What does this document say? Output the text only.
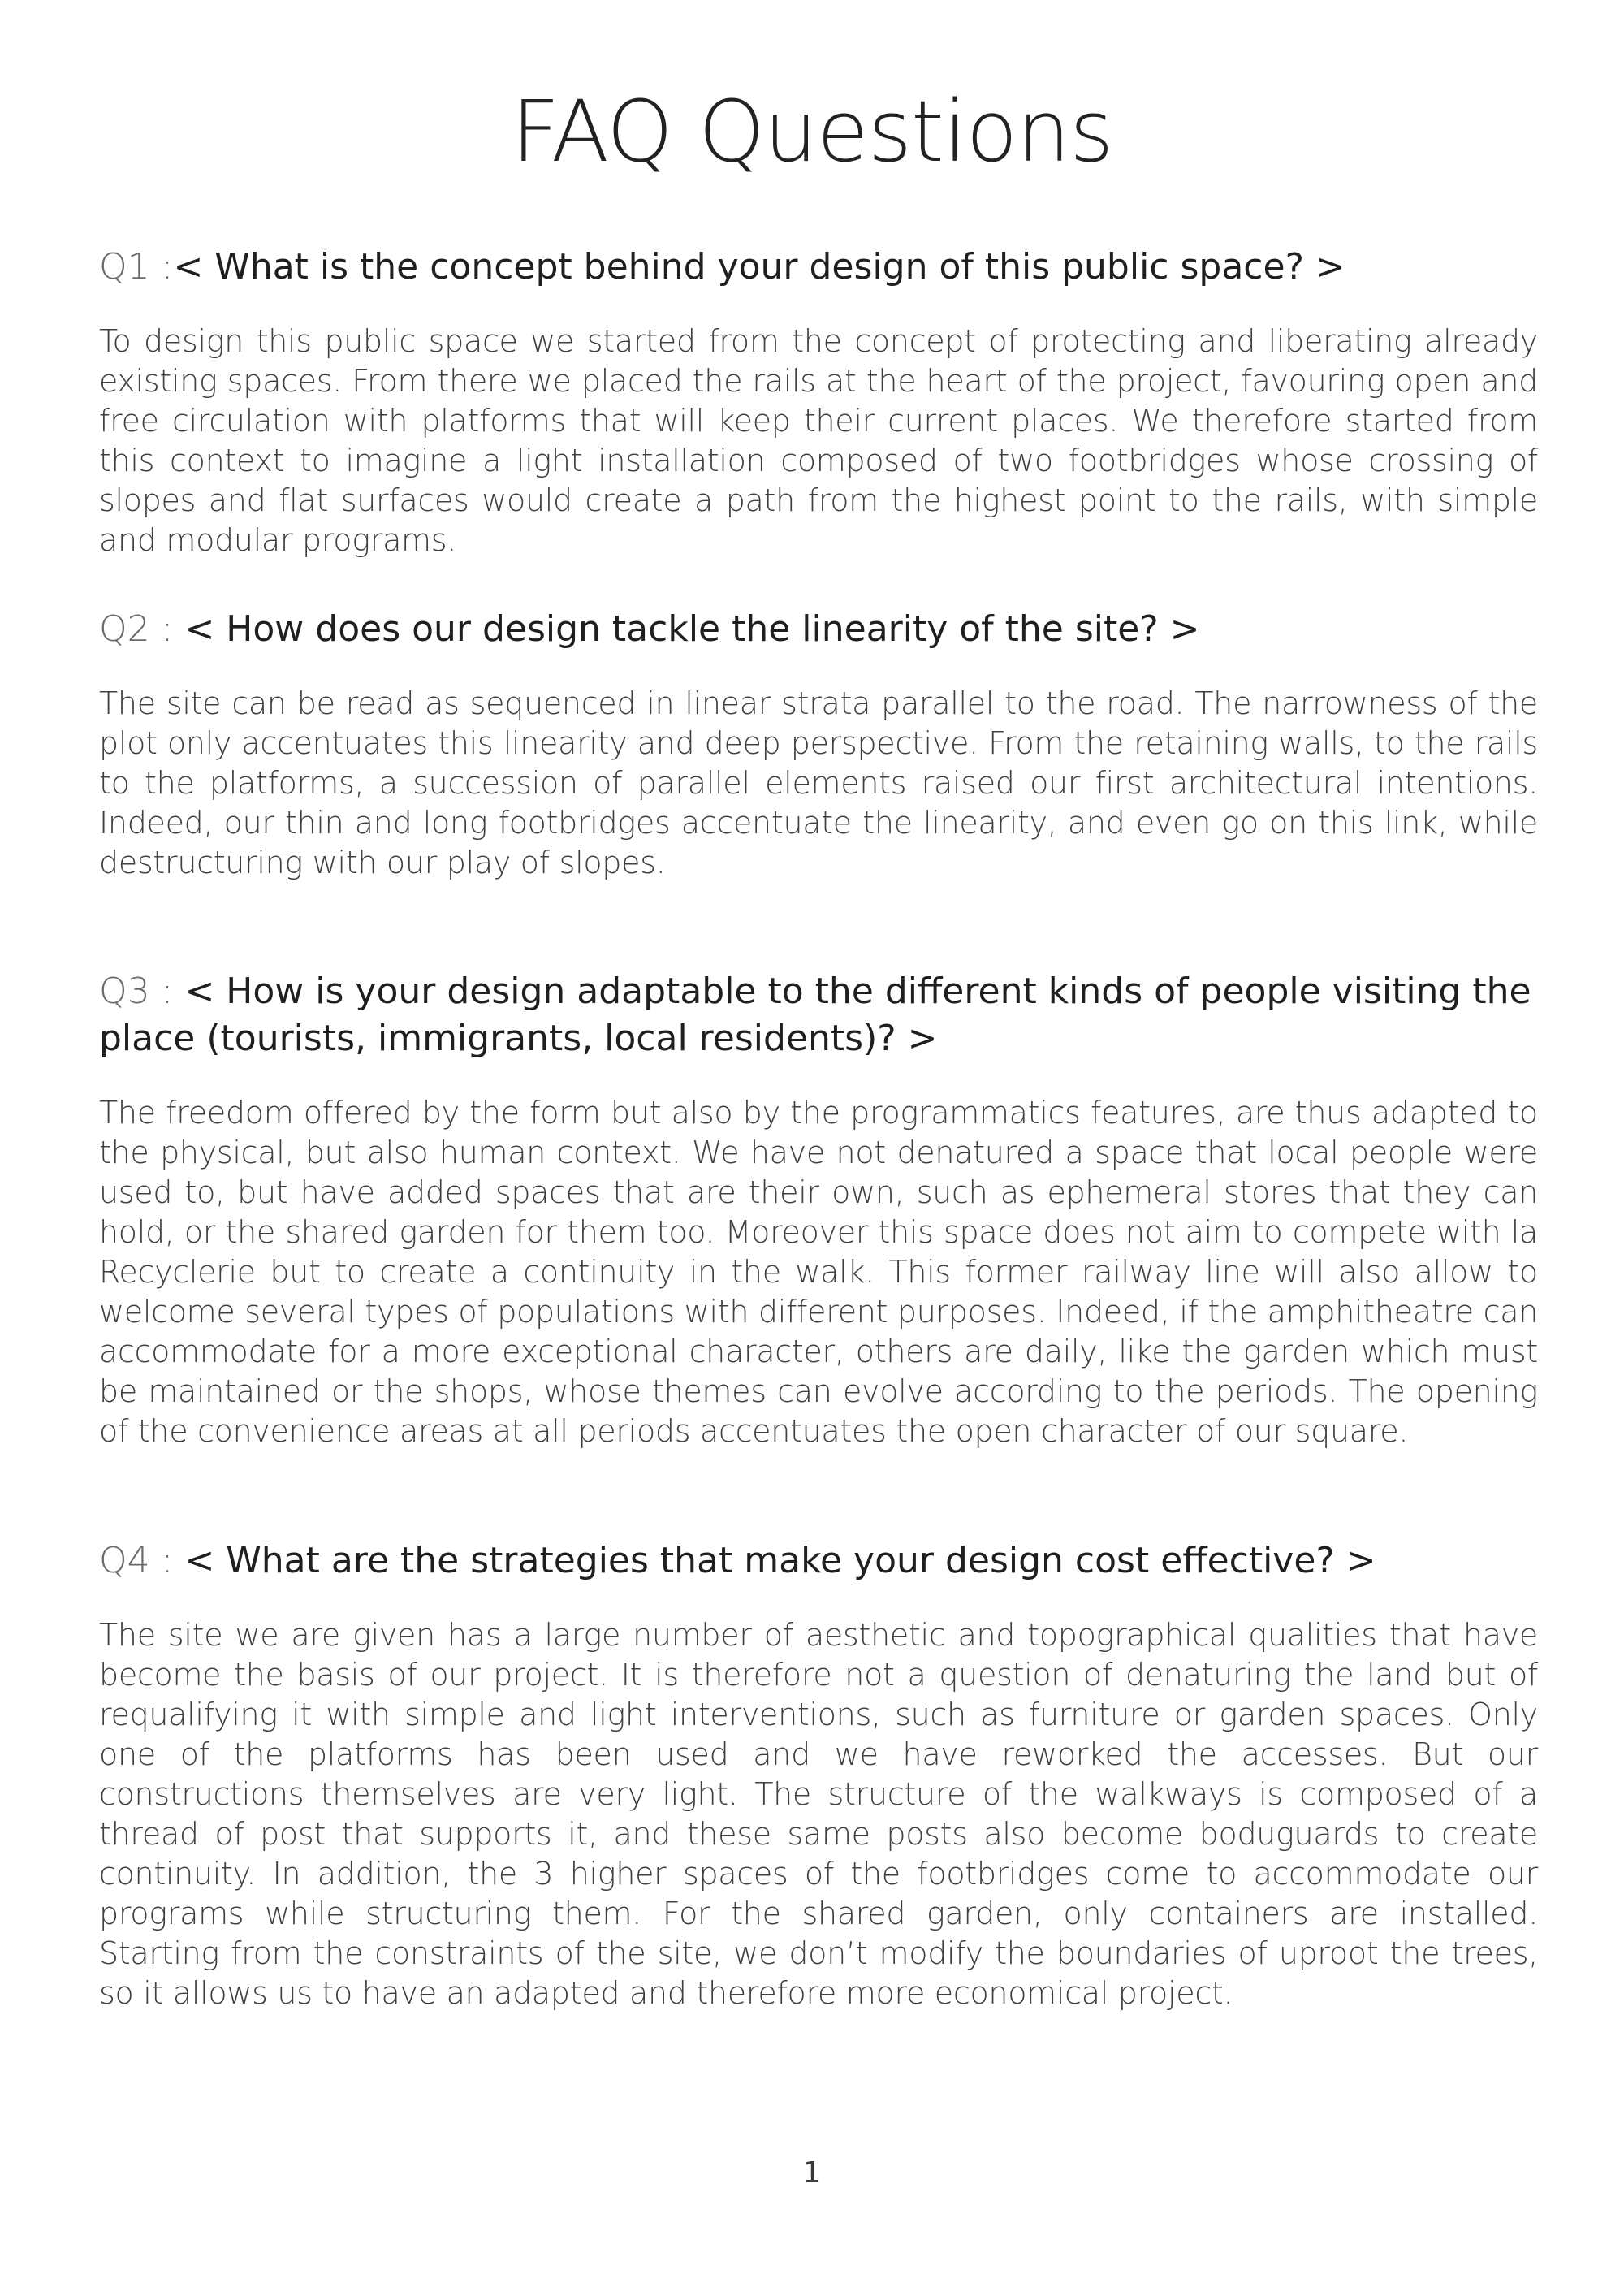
FAQ Questions
Q1 :< What is the concept behind your design of this public space? >

To design this public space we started from the concept of protecting and liberating already existing spaces. From there we placed the rails at the heart of the project, favouring open and free circulation with platforms that will keep their current places. We therefore started from this context to imagine a light installation composed of two footbridges whose crossing of slopes and flat surfaces would create a path from the highest point to the rails, with simple and modular programs.

Q2 : < How does our design tackle the linearity of the site? >

The site can be read as sequenced in linear strata parallel to the road. The narrowness of the plot only accentuates this linearity and deep perspective. From the retaining walls, to the rails to the platforms, a succession of parallel elements raised our first architectural intentions. Indeed, our thin and long footbridges accentuate the linearity, and even go on this link, while destructuring with our play of slopes.

Q3 : < How is your design adaptable to the different kinds of people visiting the place (tourists, immigrants, local residents)? >

The freedom offered by the form but also by the programmatics features, are thus adapted to the physical, but also human context. We have not denatured a space that local people were used to, but have added spaces that are their own, such as ephemeral stores that they can hold, or the shared garden for them too. Moreover this space does not aim to compete with la Recyclerie but to create a continuity in the walk. This former railway line will also allow to welcome several types of populations with different purposes. Indeed, if the amphitheatre can accommodate for a more exceptional character, others are daily, like the garden which must be maintained or the shops, whose themes can evolve according to the periods. The opening of the convenience areas at all periods accentuates the open character of our square.

Q4 : < What are the strategies that make your design cost effective? >

The site we are given has a large number of aesthetic and topographical qualities that have become the basis of our project. It is therefore not a question of denaturing the land but of requalifying it with simple and light interventions, such as furniture or garden spaces. Only one of the platforms has been used and we have reworked the accesses. But our constructions themselves are very light. The structure of the walkways is composed of a thread of post that supports it, and these same posts also become boduguards to create continuity. In addition, the 3 higher spaces of the footbridges come to accommodate our programs while structuring them. For the shared garden, only containers are installed. Starting from the constraints of the site, we don’t modify the boundaries of uproot the trees, so it allows us to have an adapted and therefore more economical project.

1
